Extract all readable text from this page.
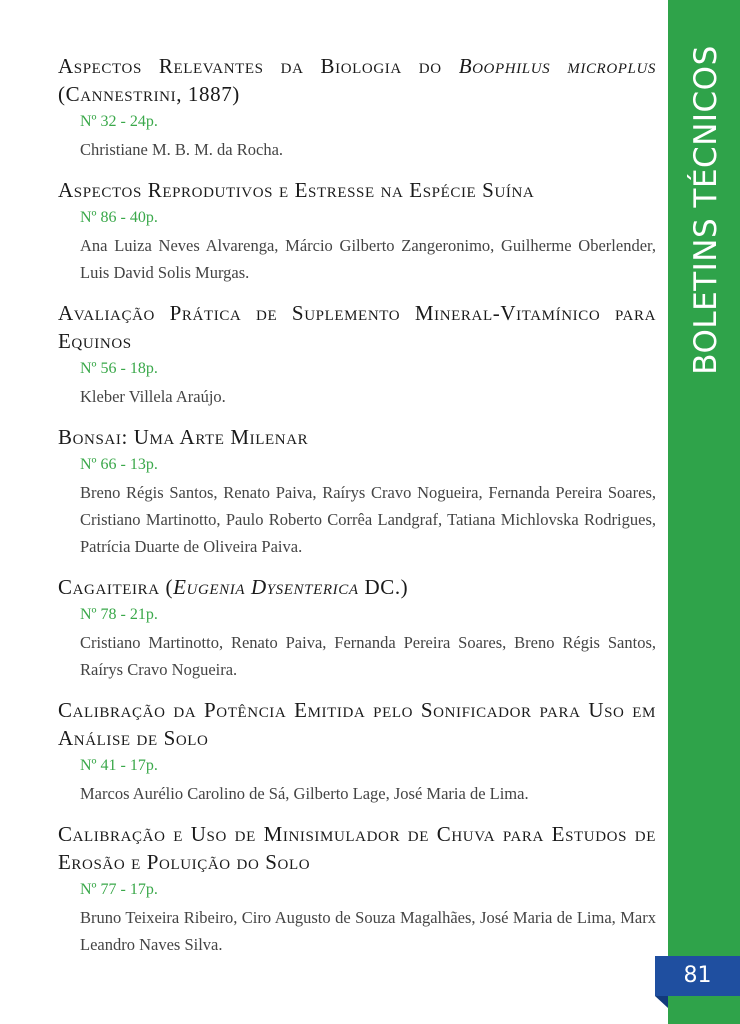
BOLETINS TÉCNICOS
81
Aspectos Relevantes da Biologia do Boophilus microplus (Cannestrini, 1887)
Nº 32 - 24p.
Christiane M. B. M. da Rocha.
Aspectos Reprodutivos e Estresse na Espécie Suína
Nº 86 - 40p.
Ana Luiza Neves Alvarenga, Márcio Gilberto Zangeronimo, Guilherme Oberlender, Luis David Solis Murgas.
Avaliação Prática de Suplemento Mineral-Vitamínico para Equinos
Nº 56 - 18p.
Kleber Villela Araújo.
Bonsai: Uma Arte Milenar
Nº 66 - 13p.
Breno Régis Santos, Renato Paiva, Raírys Cravo Nogueira, Fernanda Pereira Soares, Cristiano Martinotto, Paulo Roberto Corrêa Landgraf, Tatiana Michlovska Rodrigues, Patrícia Duarte de Oliveira Paiva.
Cagaiteira (Eugenia Dysenterica DC.)
Nº 78 - 21p.
Cristiano Martinotto, Renato Paiva, Fernanda Pereira Soares, Breno Régis Santos, Raírys Cravo Nogueira.
Calibração da Potência Emitida pelo Sonificador para Uso em Análise de Solo
Nº 41 - 17p.
Marcos Aurélio Carolino de Sá, Gilberto Lage, José Maria de Lima.
Calibração e Uso de Minisimulador de Chuva para Estudos de Erosão e Poluição do Solo
Nº 77 - 17p.
Bruno Teixeira Ribeiro, Ciro Augusto de Souza Magalhães, José Maria de Lima, Marx Leandro Naves Silva.
